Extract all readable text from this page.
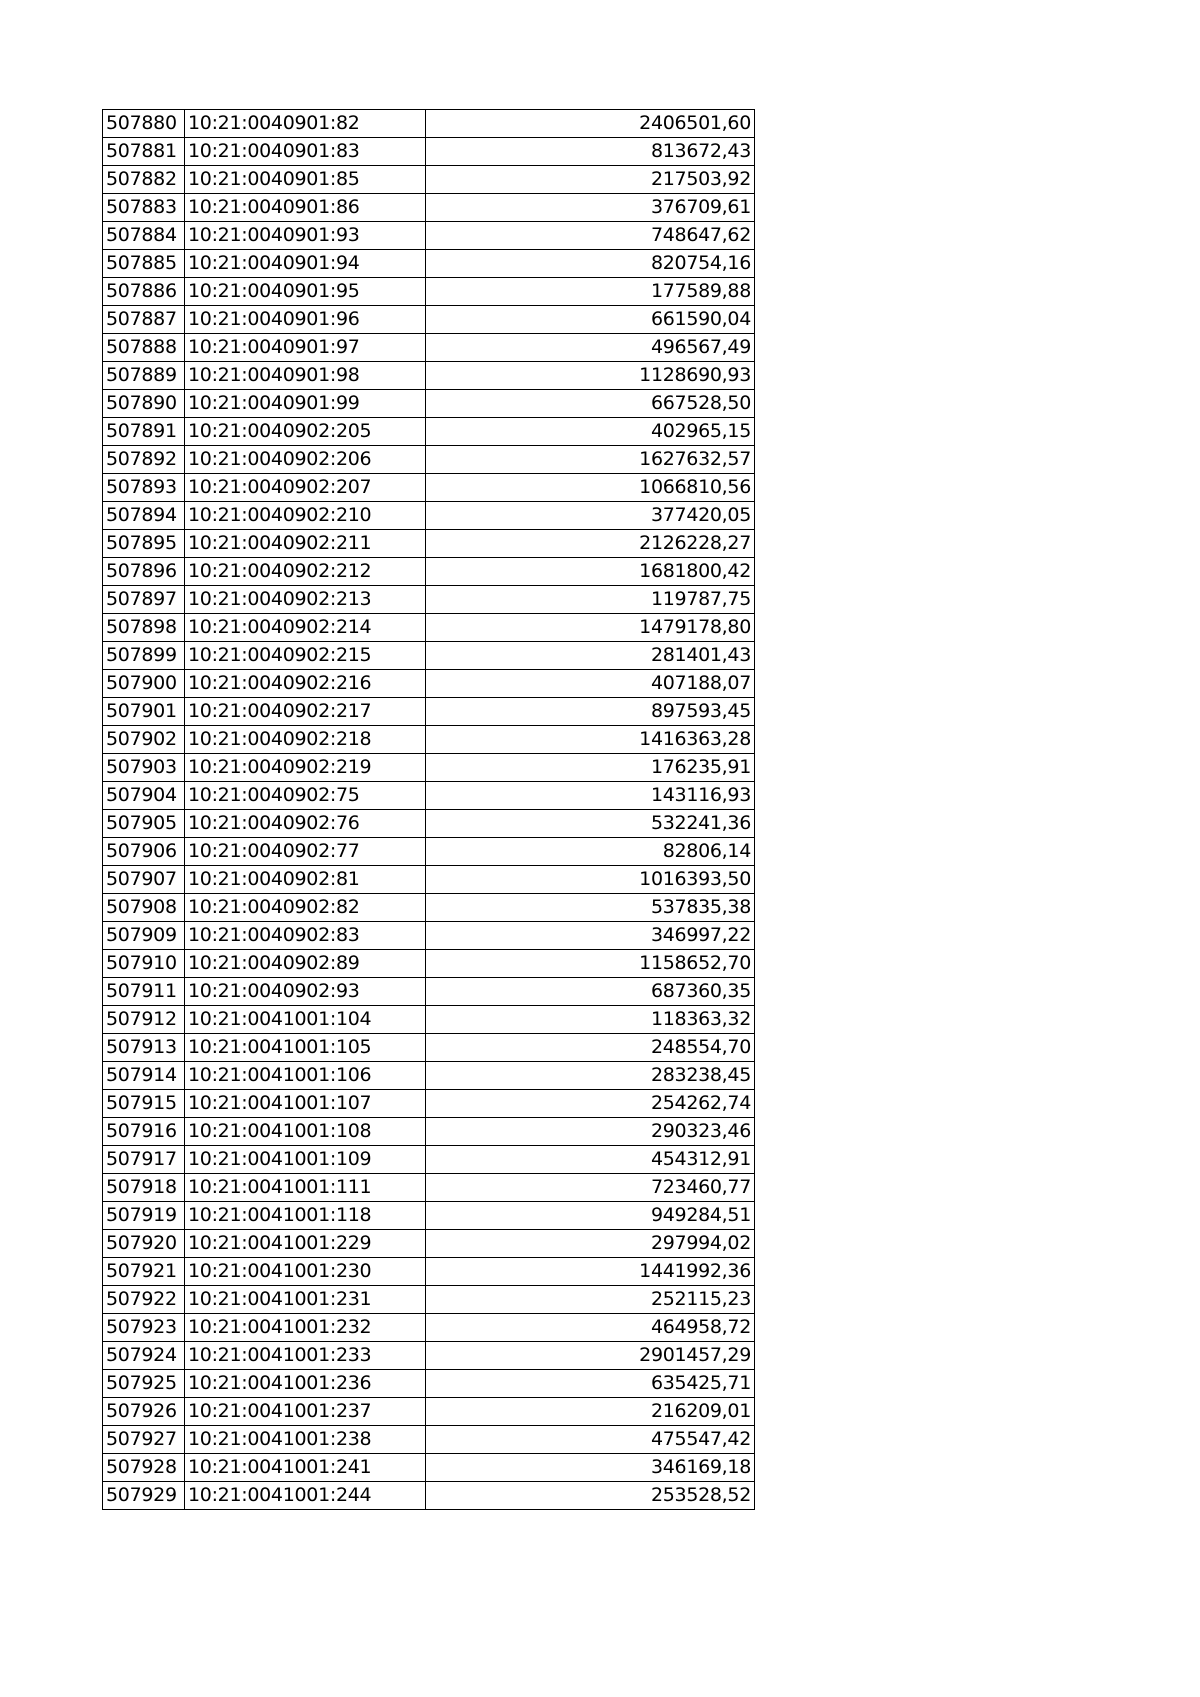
507880	10:21:0040901:82	2406501,60
507881	10:21:0040901:83	813672,43
507882	10:21:0040901:85	217503,92
507883	10:21:0040901:86	376709,61
507884	10:21:0040901:93	748647,62
507885	10:21:0040901:94	820754,16
507886	10:21:0040901:95	177589,88
507887	10:21:0040901:96	661590,04
507888	10:21:0040901:97	496567,49
507889	10:21:0040901:98	1128690,93
507890	10:21:0040901:99	667528,50
507891	10:21:0040902:205	402965,15
507892	10:21:0040902:206	1627632,57
507893	10:21:0040902:207	1066810,56
507894	10:21:0040902:210	377420,05
507895	10:21:0040902:211	2126228,27
507896	10:21:0040902:212	1681800,42
507897	10:21:0040902:213	119787,75
507898	10:21:0040902:214	1479178,80
507899	10:21:0040902:215	281401,43
507900	10:21:0040902:216	407188,07
507901	10:21:0040902:217	897593,45
507902	10:21:0040902:218	1416363,28
507903	10:21:0040902:219	176235,91
507904	10:21:0040902:75	143116,93
507905	10:21:0040902:76	532241,36
507906	10:21:0040902:77	82806,14
507907	10:21:0040902:81	1016393,50
507908	10:21:0040902:82	537835,38
507909	10:21:0040902:83	346997,22
507910	10:21:0040902:89	1158652,70
507911	10:21:0040902:93	687360,35
507912	10:21:0041001:104	118363,32
507913	10:21:0041001:105	248554,70
507914	10:21:0041001:106	283238,45
507915	10:21:0041001:107	254262,74
507916	10:21:0041001:108	290323,46
507917	10:21:0041001:109	454312,91
507918	10:21:0041001:111	723460,77
507919	10:21:0041001:118	949284,51
507920	10:21:0041001:229	297994,02
507921	10:21:0041001:230	1441992,36
507922	10:21:0041001:231	252115,23
507923	10:21:0041001:232	464958,72
507924	10:21:0041001:233	2901457,29
507925	10:21:0041001:236	635425,71
507926	10:21:0041001:237	216209,01
507927	10:21:0041001:238	475547,42
507928	10:21:0041001:241	346169,18
507929	10:21:0041001:244	253528,52
